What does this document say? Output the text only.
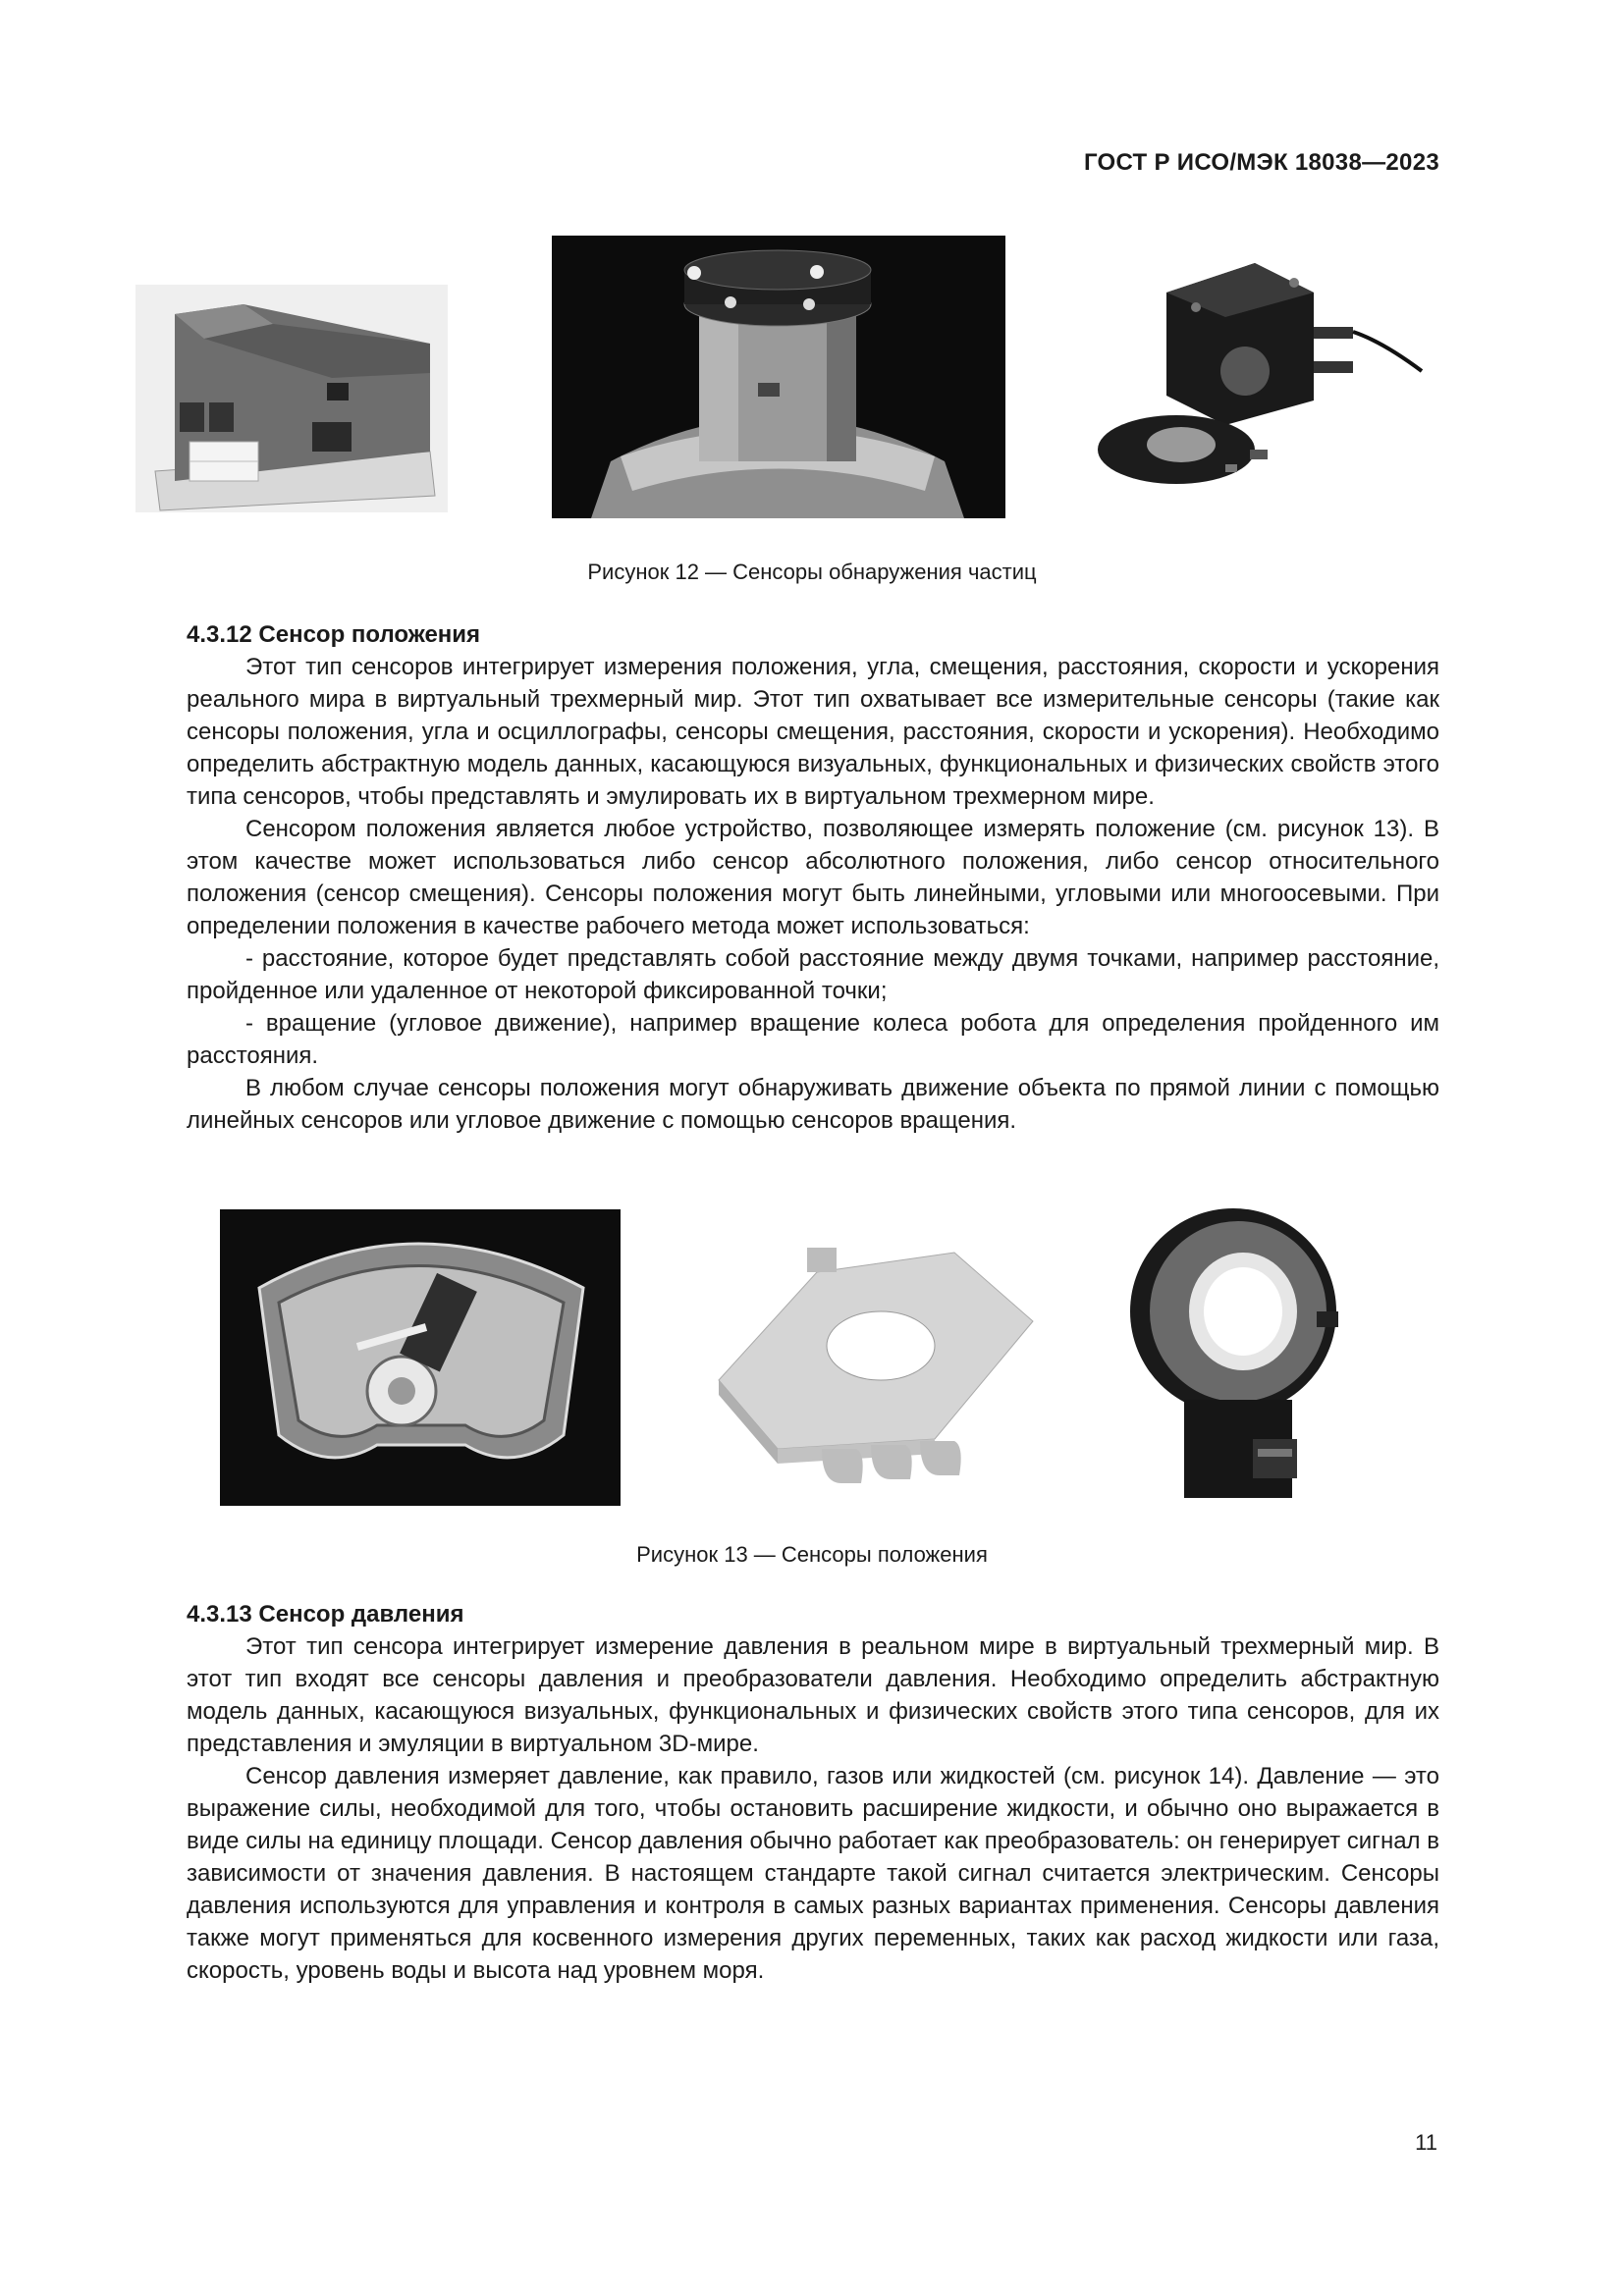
ГОСТ Р ИСО/МЭК 18038—2023
Рисунок 12 — Сенсоры обнаружения частиц
4.3.12 Сенсор положения

Этот тип сенсоров интегрирует измерения положения, угла, смещения, расстояния, скорости и ускорения реального мира в виртуальный трехмерный мир. Этот тип охватывает все измерительные сенсоры (такие как сенсоры положения, угла и осциллографы, сенсоры смещения, расстояния, скорости и ускорения). Необходимо определить абстрактную модель данных, касающуюся визуальных, функциональных и физических свойств этого типа сенсоров, чтобы представлять и эмулировать их в виртуальном трехмерном мире.

Сенсором положения является любое устройство, позволяющее измерять положение (см. рисунок 13). В этом качестве может использоваться либо сенсор абсолютного положения, либо сенсор относительного положения (сенсор смещения). Сенсоры положения могут быть линейными, угловыми или многоосевыми. При определении положения в качестве рабочего метода может использоваться:

- расстояние, которое будет представлять собой расстояние между двумя точками, например расстояние, пройденное или удаленное от некоторой фиксированной точки;

- вращение (угловое движение), например вращение колеса робота для определения пройденного им расстояния.

В любом случае сенсоры положения могут обнаруживать движение объекта по прямой линии с помощью линейных сенсоров или угловое движение с помощью сенсоров вращения.

Рисунок 13 — Сенсоры положения
4.3.13 Сенсор давления

Этот тип сенсора интегрирует измерение давления в реальном мире в виртуальный трехмерный мир. В этот тип входят все сенсоры давления и преобразователи давления. Необходимо определить абстрактную модель данных, касающуюся визуальных, функциональных и физических свойств этого типа сенсоров, для их представления и эмуляции в виртуальном 3D-мире.

Сенсор давления измеряет давление, как правило, газов или жидкостей (см. рисунок 14). Давление — это выражение силы, необходимой для того, чтобы остановить расширение жидкости, и обычно оно выражается в виде силы на единицу площади. Сенсор давления обычно работает как преобразователь: он генерирует сигнал в зависимости от значения давления. В настоящем стандарте такой сигнал считается электрическим. Сенсоры давления используются для управления и контроля в самых разных вариантах применения. Сенсоры давления также могут применяться для косвенного измерения других переменных, таких как расход жидкости или газа, скорость, уровень воды и высота над уровнем моря.

11
